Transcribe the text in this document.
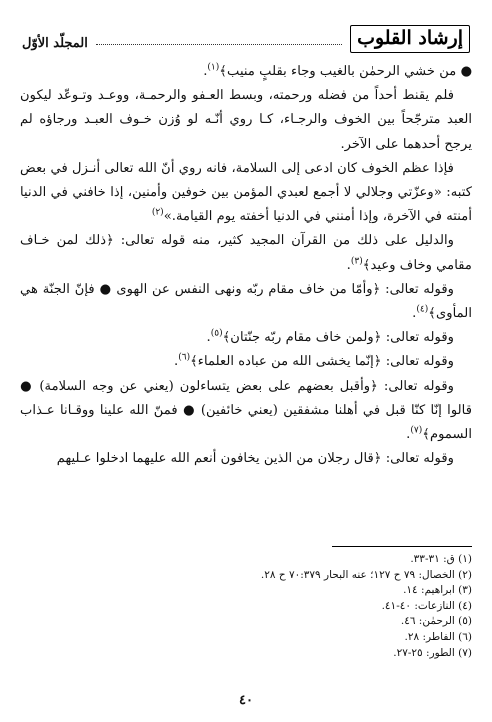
إرشاد القلوب
المجلّد الأوّل

● من خشي الرحمٰن بالغيب وجاء بقلبٍ منيب﴾$^{(١)}$.

فلم يقنط أحداً من فضله ورحمته، وبسط العـفو والرحمـة، ووعـد وتـوعّد ليكون العبد مترجّحاً بين الخوف والرجـاء، كـا روي أنّـه لو وُزن خـوف العبـد ورجاؤه لم يرجح أحدهما على الآخر.

فإذا عظم الخوف كان ادعى إلى السلامة، فانه روي أنّ الله تعالى أنـزل في بعض كتبه: «وعزّتي وجلالي لا أجمع لعبدي المؤمن بين خوفين وأمنين، إذا خافني في الدنيا أمنته في الآخرة، وإذا أمنني في الدنيا أخفته يوم القيامة.»$^{(٢)}$

والدليل على ذلك من القرآن المجيد كثير، منه قوله تعالى: ﴿ذلك لمن خـاف مقامي وخاف وعيد﴾$^{(٣)}$.

وقوله تعالى: ﴿وأمّا من خاف مقام ربّه ونهى النفس عن الهوى ● فإنّ الجنّة هي المأوى﴾$^{(٤)}$.

وقوله تعالى: ﴿ولمن خاف مقام ربّه جنّتان﴾$^{(٥)}$.

وقوله تعالى: ﴿إنّما يخشى الله من عباده العلماء﴾$^{(٦)}$.

وقوله تعالى: ﴿وأقبل بعضهم على بعض يتساءلون (يعني عن وجه السلامة) ● قالوا إنّا كنّا قبل في أهلنا مشفقين (يعني خائفين) ● فمنّ الله علينا ووقـانا عـذاب السموم﴾$^{(٧)}$.

وقوله تعالى: ﴿قال رجلان من الذين يخافون أنعم الله عليهما ادخلوا عـليهم

(١) ق: ٣١-٣٣.
(٢) الخصال: ٧٩ ح ١٢٧؛ عنه البحار ٧٠:٣٧٩ ح ٢٨.
(٣) ابراهيم: ١٤.
(٤) النازعات: ٤٠-٤١.
(٥) الرحمٰن: ٤٦.
(٦) الفاطر: ٢٨.
(٧) الطور: ٢٥-٢٧.
٤٠
